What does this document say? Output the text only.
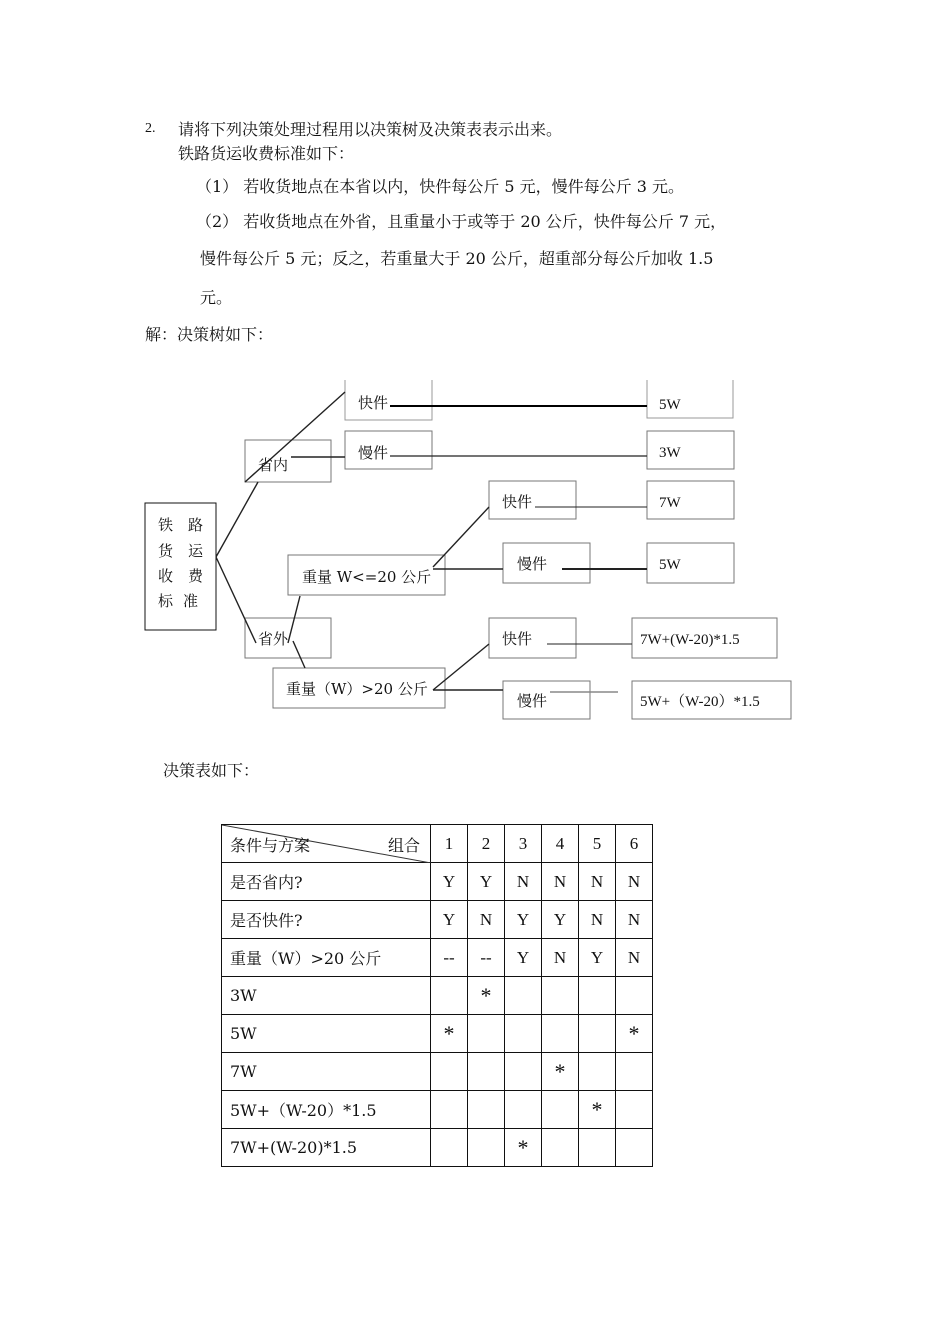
2. 请将下列决策处理过程用以决策树及决策表表示出来。
铁路货运收费标准如下：
（1） 若收货地点在本省以内，快件每公斤 5 元，慢件每公斤 3 元。
（2） 若收货地点在外省，且重量小于或等于 20 公斤，快件每公斤 7 元，
慢件每公斤 5 元；反之，若重量大于 20 公斤，超重部分每公斤加收 1.5
元。
解：决策树如下：
铁 路
货 运
收 费
标 准
省内
省外
快件
慢件
重量 W<=20 公斤
重量（W）>20 公斤
快件
慢件
快件
慢件
5W
3W
7W
5W
7W+(W-20)*1.5
5W+（W-20）*1.5
决策表如下：
条件与方案 组合	1	2	3	4	5	6
是否省内?	Y	Y	N	N	N	N
是否快件?	Y	N	Y	Y	N	N
重量（W）>20 公斤	--	--	Y	N	Y	N
3W		*				
5W	*					*
7W				*		
5W+（W-20）*1.5					*	
7W+(W-20)*1.5			*			
